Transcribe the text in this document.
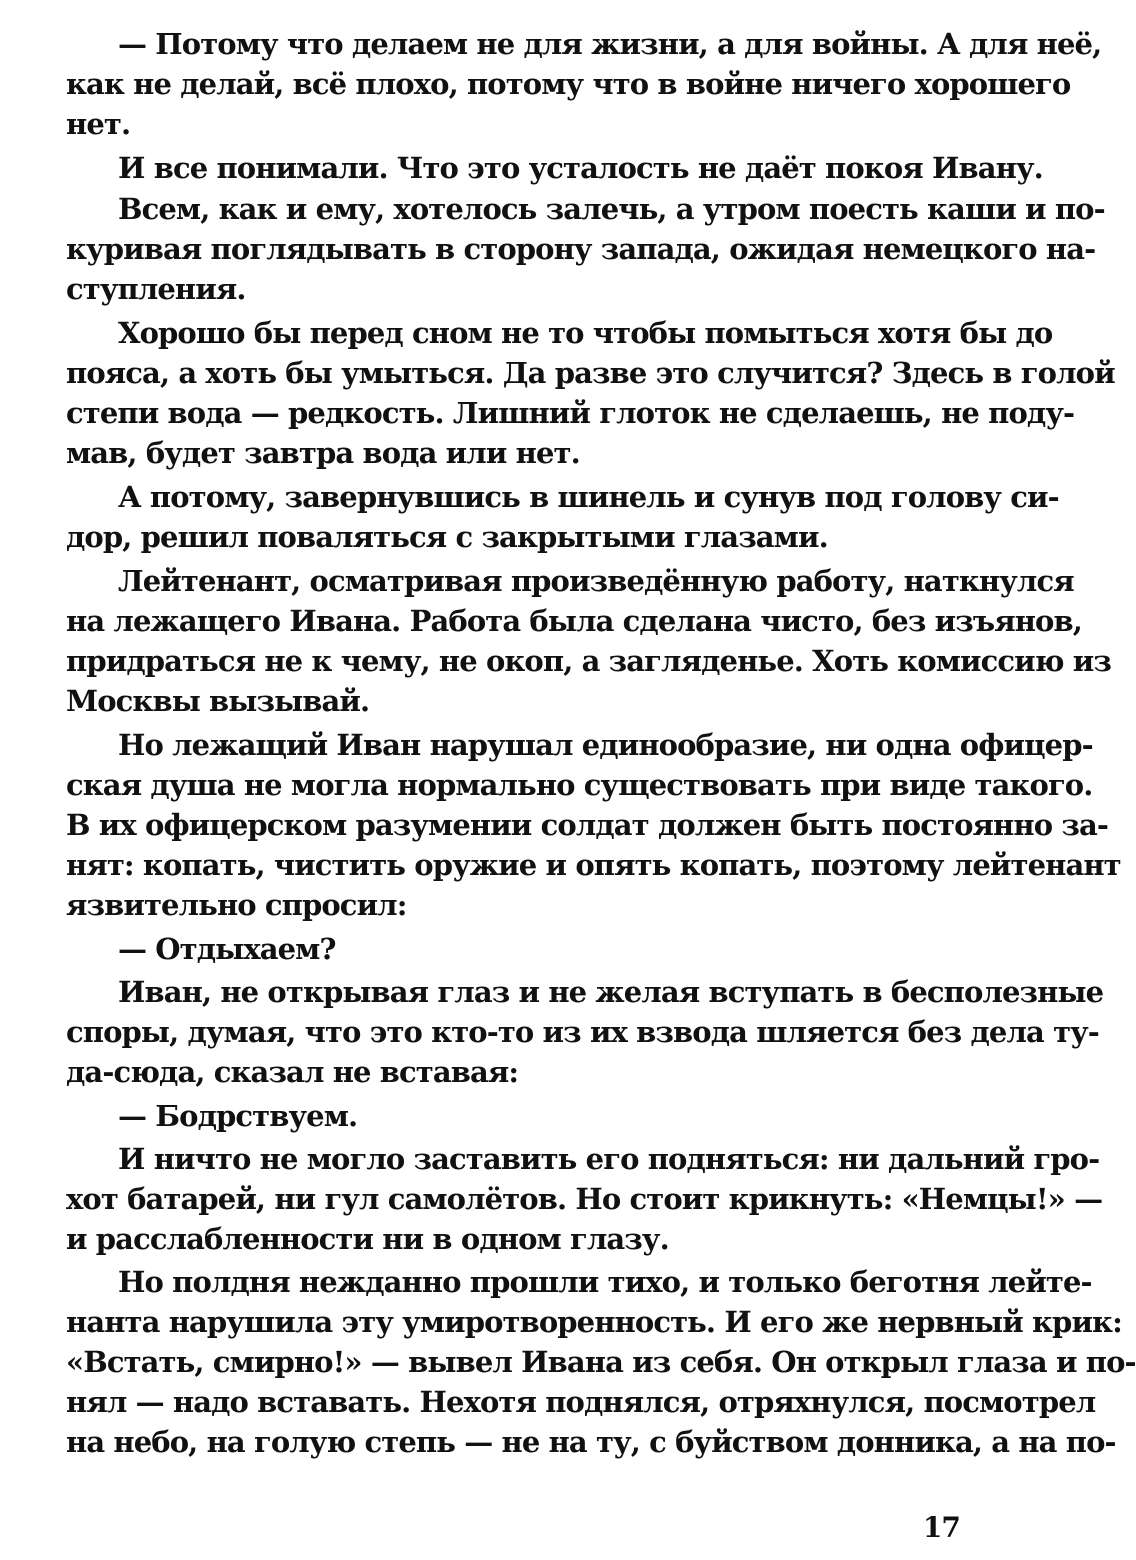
— Потому что делаем не для жизни, а для войны. А для неё,
как не делай, всё плохо, потому что в войне ничего хорошего
нет.
И все понимали. Что это усталость не даёт покоя Ивану.
Всем, как и ему, хотелось залечь, а утром поесть каши и по-
куривая поглядывать в сторону запада, ожидая немецкого на-
ступления.
Хорошо бы перед сном не то чтобы помыться хотя бы до
пояса, а хоть бы умыться. Да разве это случится? Здесь в голой
степи вода — редкость. Лишний глоток не сделаешь, не поду-
мав, будет завтра вода или нет.
А потому, завернувшись в шинель и сунув под голову си-
дор, решил поваляться с закрытыми глазами.
Лейтенант, осматривая произведённую работу, наткнулся
на лежащего Ивана. Работа была сделана чисто, без изъянов,
придраться не к чему, не окоп, а загляденье. Хоть комиссию из
Москвы вызывай.
Но лежащий Иван нарушал единообразие, ни одна офицер-
ская душа не могла нормально существовать при виде такого.
В их офицерском разумении солдат должен быть постоянно за-
нят: копать, чистить оружие и опять копать, поэтому лейтенант
язвительно спросил:
— Отдыхаем?
Иван, не открывая глаз и не желая вступать в бесполезные
споры, думая, что это кто-то из их взвода шляется без дела ту-
да-сюда, сказал не вставая:
— Бодрствуем.
И ничто не могло заставить его подняться: ни дальний гро-
хот батарей, ни гул самолётов. Но стоит крикнуть: «Немцы!» —
и расслабленности ни в одном глазу.
Но полдня нежданно прошли тихо, и только беготня лейте-
нанта нарушила эту умиротворенность. И его же нервный крик:
«Встать, смирно!» — вывел Ивана из себя. Он открыл глаза и по-
нял — надо вставать. Нехотя поднялся, отряхнулся, посмотрел
на небо, на голую степь — не на ту, с буйством донника, а на по-
17
